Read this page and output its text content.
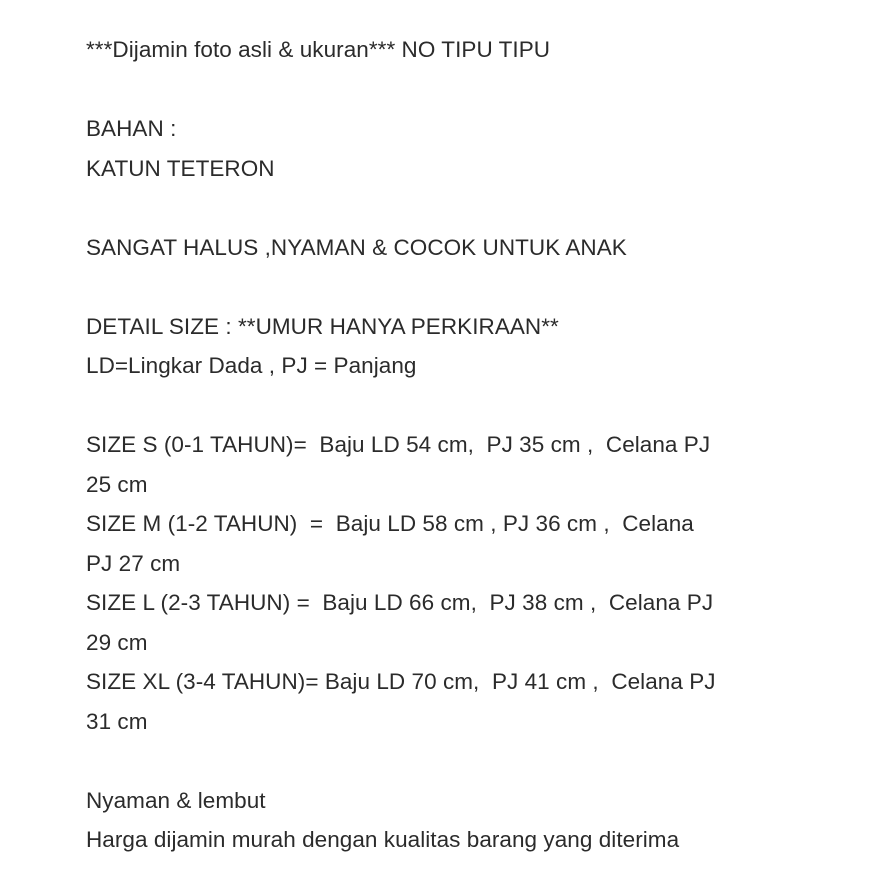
***Dijamin foto asli & ukuran*** NO TIPU TIPU
BAHAN :
KATUN TETERON
SANGAT HALUS ,NYAMAN & COCOK UNTUK ANAK
DETAIL SIZE : **UMUR HANYA PERKIRAAN**
LD=Lingkar Dada , PJ = Panjang
SIZE S (0-1 TAHUN)=  Baju LD 54 cm,  PJ 35 cm ,  Celana PJ
25 cm
SIZE M (1-2 TAHUN)  =  Baju LD 58 cm , PJ 36 cm ,  Celana
PJ 27 cm
SIZE L (2-3 TAHUN) =  Baju LD 66 cm,  PJ 38 cm ,  Celana PJ
29 cm
SIZE XL (3-4 TAHUN)= Baju LD 70 cm,  PJ 41 cm ,  Celana PJ
31 cm
Nyaman & lembut
Harga dijamin murah dengan kualitas barang yang diterima
